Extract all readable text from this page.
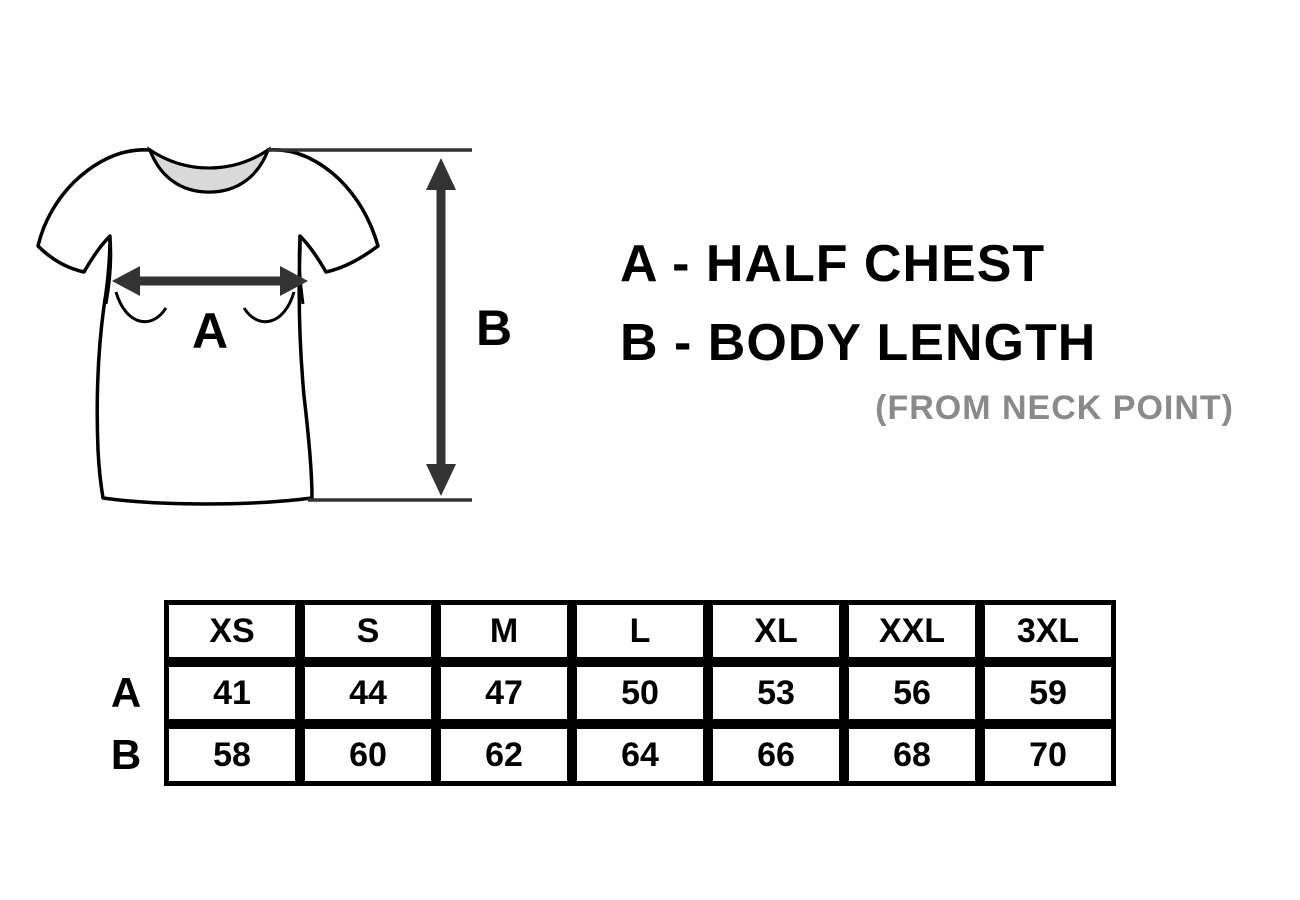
A	B
A - HALF CHEST
B - BODY LENGTH
(FROM NECK POINT)
	XS	S	M	L	XL	XXL	3XL
A	41	44	47	50	53	56	59
B	58	60	62	64	66	68	70
